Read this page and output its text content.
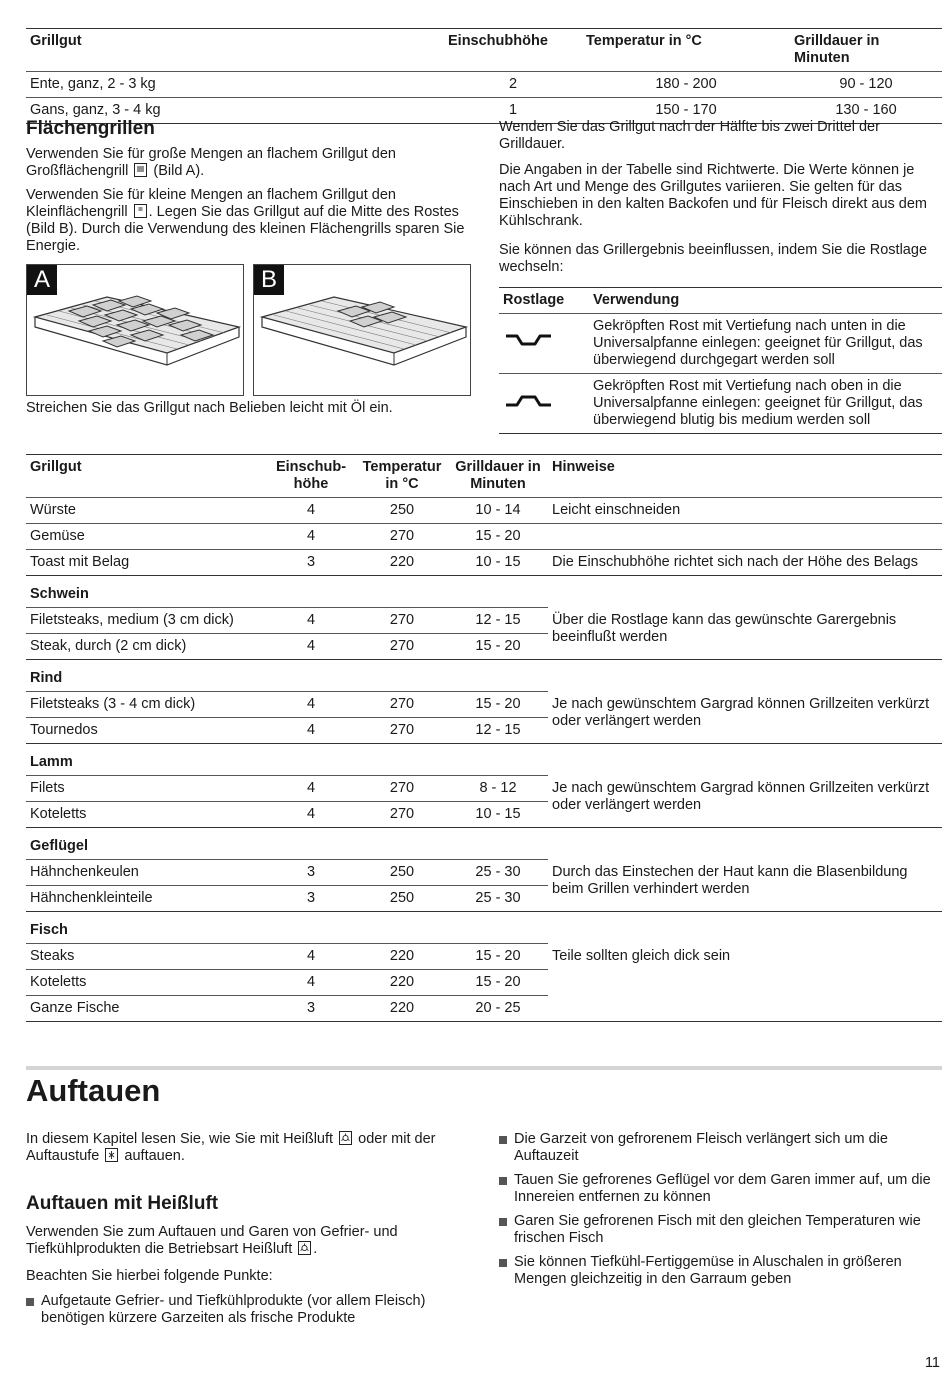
Grillgut	Einschubhöhe	Temperatur in °C	Grilldauer in Minuten
Ente, ganz, 2 - 3 kg	2	180 - 200	90 - 120
Gans, ganz, 3 - 4 kg	1	150 - 170	130 - 160
Flächengrillen

Verwenden Sie für große Mengen an flachem Grillgut den Großflächengrill (Bild A).

Verwenden Sie für kleine Mengen an flachem Grillgut den Kleinflächengrill . Legen Sie das Grillgut auf die Mitte des Rostes (Bild B). Durch die Verwendung des kleinen Flächengrills sparen Sie Energie.

A	B

Streichen Sie das Grillgut nach Belieben leicht mit Öl ein.

Wenden Sie das Grillgut nach der Hälfte bis zwei Drittel der Grilldauer.

Die Angaben in der Tabelle sind Richtwerte. Die Werte können je nach Art und Menge des Grillgutes variieren. Sie gelten für das Einschieben in den kalten Backofen und für Fleisch direkt aus dem Kühlschrank.

Sie können das Grillergebnis beeinflussen, indem Sie die Rostlage wechseln:

Rostlage	Verwendung
	Gekröpften Rost mit Vertiefung nach unten in die Universalpfanne einlegen: geeignet für Grillgut, das überwiegend durchgegart werden soll
	Gekröpften Rost mit Vertiefung nach oben in die Universalpfanne einlegen: geeignet für Grillgut, das überwiegend blutig bis medium werden soll
Grillgut	Einschub-höhe	Temperatur in °C	Grilldauer in Minuten	Hinweise
Würste	4	250	10 - 14	Leicht einschneiden
Gemüse	4	270	15 - 20	
Toast mit Belag	3	220	10 - 15	Die Einschubhöhe richtet sich nach der Höhe des Belags
Schwein				
Filetsteaks, medium (3 cm dick)	4	270	12 - 15	Über die Rostlage kann das gewünschte Garergebnis beeinflußt werden
Steak, durch (2 cm dick)	4	270	15 - 20	
Rind				
Filetsteaks (3 - 4 cm dick)	4	270	15 - 20	Je nach gewünschtem Gargrad können Grillzeiten verkürzt oder verlängert werden
Tournedos	4	270	12 - 15	
Lamm				
Filets	4	270	8 - 12	Je nach gewünschtem Gargrad können Grillzeiten verkürzt oder verlängert werden
Koteletts	4	270	10 - 15	
Geflügel				
Hähnchenkeulen	3	250	25 - 30	Durch das Einstechen der Haut kann die Blasenbildung beim Grillen verhindert werden
Hähnchenkleinteile	3	250	25 - 30	
Fisch				
Steaks	4	220	15 - 20	Teile sollten gleich dick sein
Koteletts	4	220	15 - 20	
Ganze Fische	3	220	20 - 25	
Auftauen

In diesem Kapitel lesen Sie, wie Sie mit Heißluft oder mit der Auftaustufe auftauen.

Auftauen mit Heißluft

Verwenden Sie zum Auftauen und Garen von Gefrier- und Tiefkühlprodukten die Betriebsart Heißluft .

Beachten Sie hierbei folgende Punkte:

Aufgetaute Gefrier- und Tiefkühlprodukte (vor allem Fleisch) benötigen kürzere Garzeiten als frische Produkte
Die Garzeit von gefrorenem Fleisch verlängert sich um die Auftauzeit
Tauen Sie gefrorenes Geflügel vor dem Garen immer auf, um die Innereien entfernen zu können
Garen Sie gefrorenen Fisch mit den gleichen Temperaturen wie frischen Fisch
Sie können Tiefkühl-Fertiggemüse in Aluschalen in größeren Mengen gleichzeitig in den Garraum geben
11
